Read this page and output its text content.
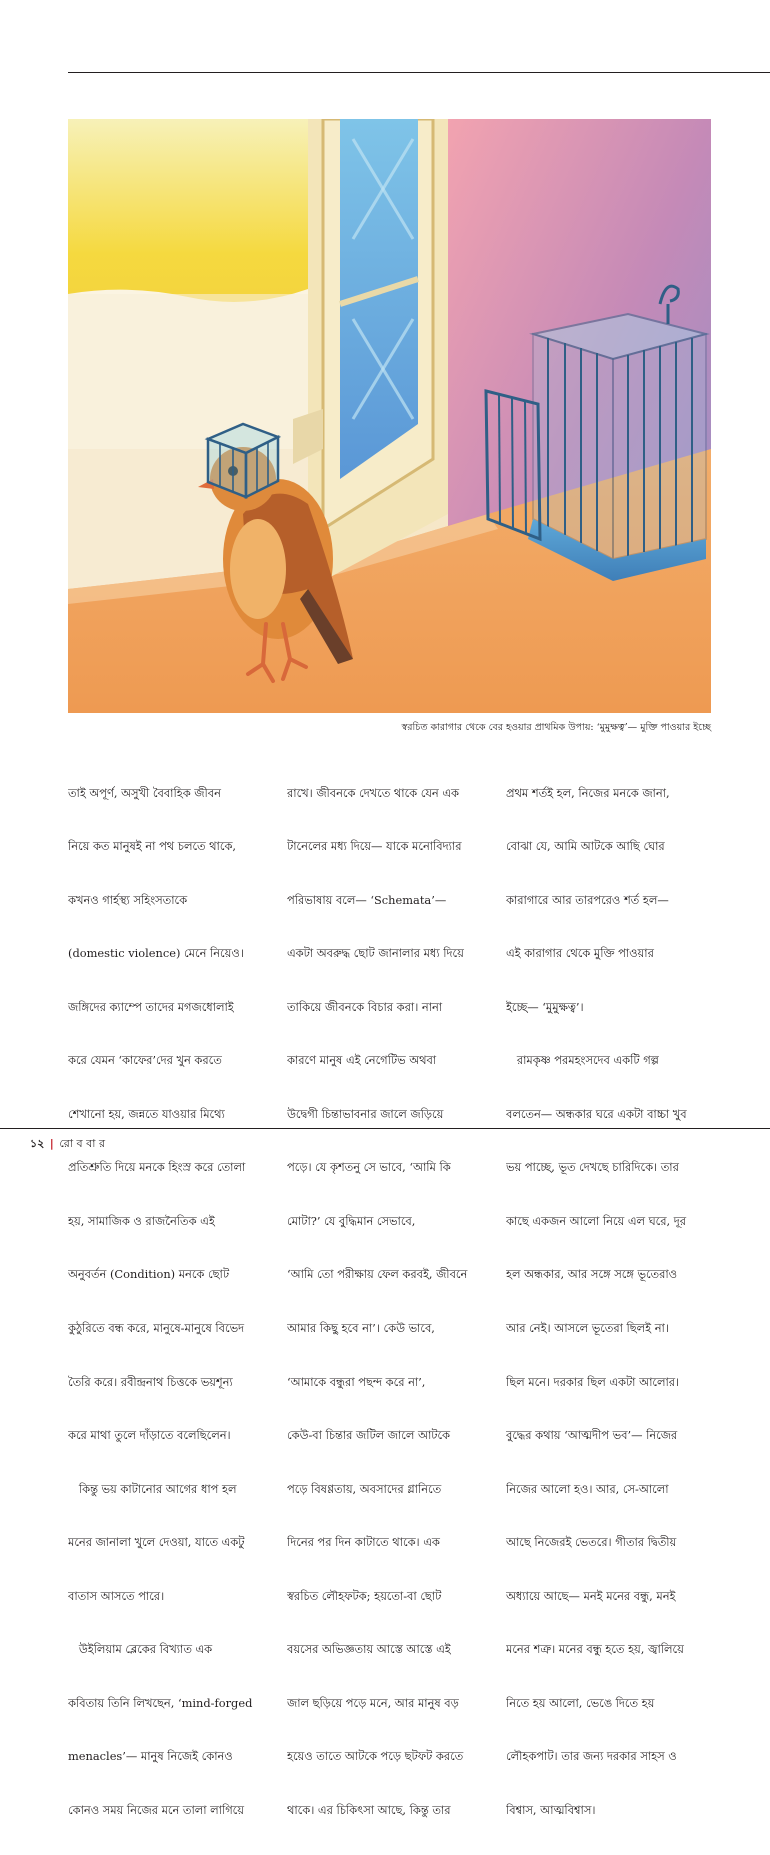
স্বরচিত কারাগার থেকে বের হওয়ার প্রাথমিক উপায়: ‘মুমুক্ষত্ব’— মুক্তি পাওয়ার ইচ্ছে

তাই অপূর্ণ, অসুখী বৈবাহিক জীবন

নিয়ে কত মানুষই না পথ চলতে থাকে,

কখনও গার্হস্থ্য সহিংসতাকে

(domestic violence) মেনে নিয়েও।

জঙ্গিদের ক্যাম্পে তাদের মগজধোলাই

করে যেমন ‘কাফের’দের খুন করতে

শেখানো হয়, জন্নতে যাওয়ার মিথ্যে

প্রতিশ্রুতি দিয়ে মনকে হিংস্র করে তোলা

হয়, সামাজিক ও রাজনৈতিক এই

অনুবর্তন (Condition) মনকে ছোট

কুঠুরিতে বন্ধ করে, মানুষে-মানুষে বিভেদ

তৈরি করে। রবীন্দ্রনাথ চিত্তকে ভয়শূন্য

করে মাথা তুলে দাঁড়াতে বলেছিলেন।

কিন্তু ভয় কাটানোর আগের ধাপ হল

মনের জানালা খুলে দেওয়া, যাতে একটু

বাতাস আসতে পারে।

উইলিয়াম ব্লেকের বিখ্যাত এক

কবিতায় তিনি লিখছেন, ‘mind-forged

menacles’— মানুষ নিজেই কোনও

কোনও সময় নিজের মনে তালা লাগিয়ে

রাখে। জীবনকে দেখতে থাকে যেন এক

টানেলের মধ্য দিয়ে— যাকে মনোবিদ্যার

পরিভাষায় বলে— ‘Schemata’—

একটা অবরুদ্ধ ছোট জানালার মধ্য দিয়ে

তাকিয়ে জীবনকে বিচার করা। নানা

কারণে মানুষ এই নেগেটিভ অথবা

উদ্বেগী চিন্তাভাবনার জালে জড়িয়ে

পড়ে। যে কৃশতনু সে ভাবে, ‘আমি কি

মোটা?’ যে বুদ্ধিমান সেভাবে,

‘আমি তো পরীক্ষায় ফেল করবই, জীবনে

আমার কিছু হবে না’। কেউ ভাবে,

‘আমাকে বন্ধুরা পছন্দ করে না’,

কেউ-বা চিন্তার জটিল জালে আটকে

পড়ে বিষণ্ণতায়, অবসাদের গ্লানিতে

দিনের পর দিন কাটাতে থাকে। এক

স্বরচিত লৌহফটক; হয়তো-বা ছোট

বয়সের অভিজ্ঞতায় আস্তে আস্তে এই

জাল ছড়িয়ে পড়ে মনে, আর মানুষ বড়

হয়েও তাতে আটকে পড়ে ছটফট করতে

থাকে। এর চিকিৎসা আছে, কিন্তু তার

প্রথম শর্তই হল, নিজের মনকে জানা,

বোঝা যে, আমি আটকে আছি ঘোর

কারাগারে আর তারপরেও শর্ত হল—

এই কারাগার থেকে মুক্তি পাওয়ার

ইচ্ছে— ‘মুমুক্ষত্ব’।

রামকৃষ্ণ পরমহংসদেব একটি গল্প

বলতেন— অন্ধকার ঘরে একটা বাচ্চা খুব

ভয় পাচ্ছে, ভূত দেখছে চারিদিকে। তার

কাছে একজন আলো নিয়ে এল ঘরে, দূর

হল অন্ধকার, আর সঙ্গে সঙ্গে ভূতেরাও

আর নেই। আসলে ভূতেরা ছিলই না।

ছিল মনে। দরকার ছিল একটা আলোর।

বুদ্ধের কথায় ‘আত্মদীপ ভব’— নিজের

নিজের আলো হও। আর, সে-আলো

আছে নিজেরই ভেতরে। গীতার দ্বিতীয়

অধ্যায়ে আছে— মনই মনের বন্ধু, মনই

মনের শত্রু। মনের বন্ধু হতে হয়, জ্বালিয়ে

নিতে হয় আলো, ভেঙে দিতে হয়

লৌহকপাট। তার জন্য দরকার সাহস ও

বিশ্বাস, আত্মবিশ্বাস।

১২ | রো ব বা র
